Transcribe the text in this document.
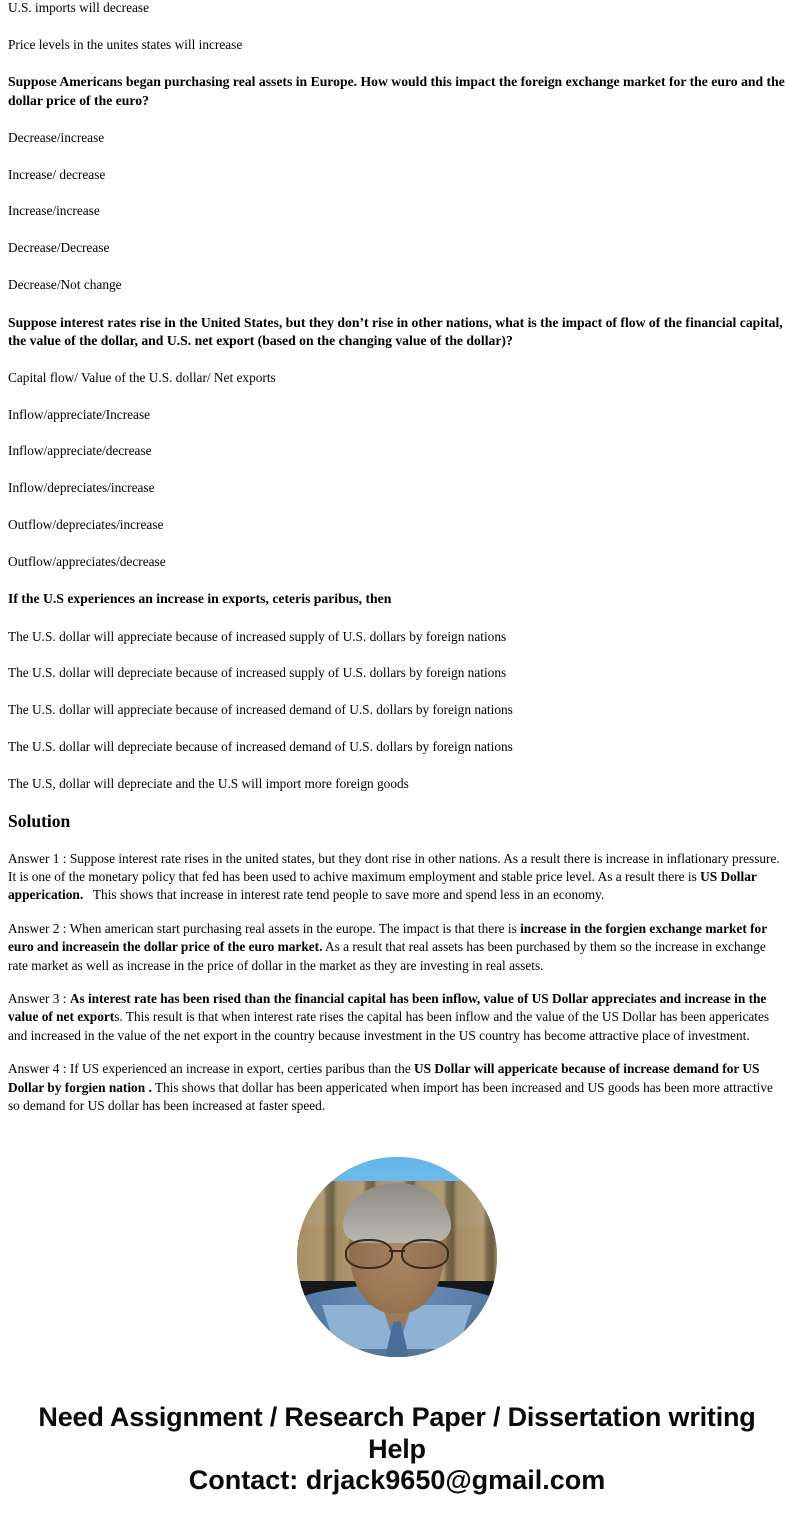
U.S. imports will decrease

Price levels in the unites states will increase

Suppose Americans began purchasing real assets in Europe. How would this impact the foreign exchange market for the euro and the dollar price of the euro?

Decrease/increase

Increase/ decrease

Increase/increase

Decrease/Decrease

Decrease/Not change

Suppose interest rates rise in the United States, but they don’t rise in other nations, what is the impact of flow of the financial capital, the value of the dollar, and U.S. net export (based on the changing value of the dollar)?

Capital flow/ Value of the U.S. dollar/ Net exports

Inflow/appreciate/Increase

Inflow/appreciate/decrease

Inflow/depreciates/increase

Outflow/depreciates/increase

Outflow/appreciates/decrease

If the U.S experiences an increase in exports, ceteris paribus, then

The U.S. dollar will appreciate because of increased supply of U.S. dollars by foreign nations

The U.S. dollar will depreciate because of increased supply of U.S. dollars by foreign nations

The U.S. dollar will appreciate because of increased demand of U.S. dollars by foreign nations

The U.S. dollar will depreciate because of increased demand of U.S. dollars by foreign nations

The U.S, dollar will depreciate and the U.S will import more foreign goods

Solution

Answer 1 : Suppose interest rate rises in the united states, but they dont rise in other nations. As a result there is increase in inflationary pressure. It is one of the monetary policy that fed has been used to achive maximum employment and stable price level. As a result there is US Dollar apperication.   This shows that increase in interest rate tend people to save more and spend less in an economy.

Answer 2 : When american start purchasing real assets in the europe. The impact is that there is increase in the forgien exchange market for euro and increasein the dollar price of the euro market. As a result that real assets has been purchased by them so the increase in exchange rate market as well as increase in the price of dollar in the market as they are investing in real assets.

Answer 3 : As interest rate has been rised than the financial capital has been inflow, value of US Dollar appreciates and increase in the value of net exports. This result is that when interest rate rises the capital has been inflow and the value of the US Dollar has been appericates and increased in the value of the net export in the country because investment in the US country has become attractive place of investment.

Answer 4 : If US experienced an increase in export, certies paribus than the US Dollar will appericate because of increase demand for US Dollar by forgien nation . This shows that dollar has been appericated when import has been increased and US goods has been more attractive so demand for US dollar has been increased at faster speed.

Need Assignment / Research Paper / Dissertation writing Help
Contact: drjack9650@gmail.com
